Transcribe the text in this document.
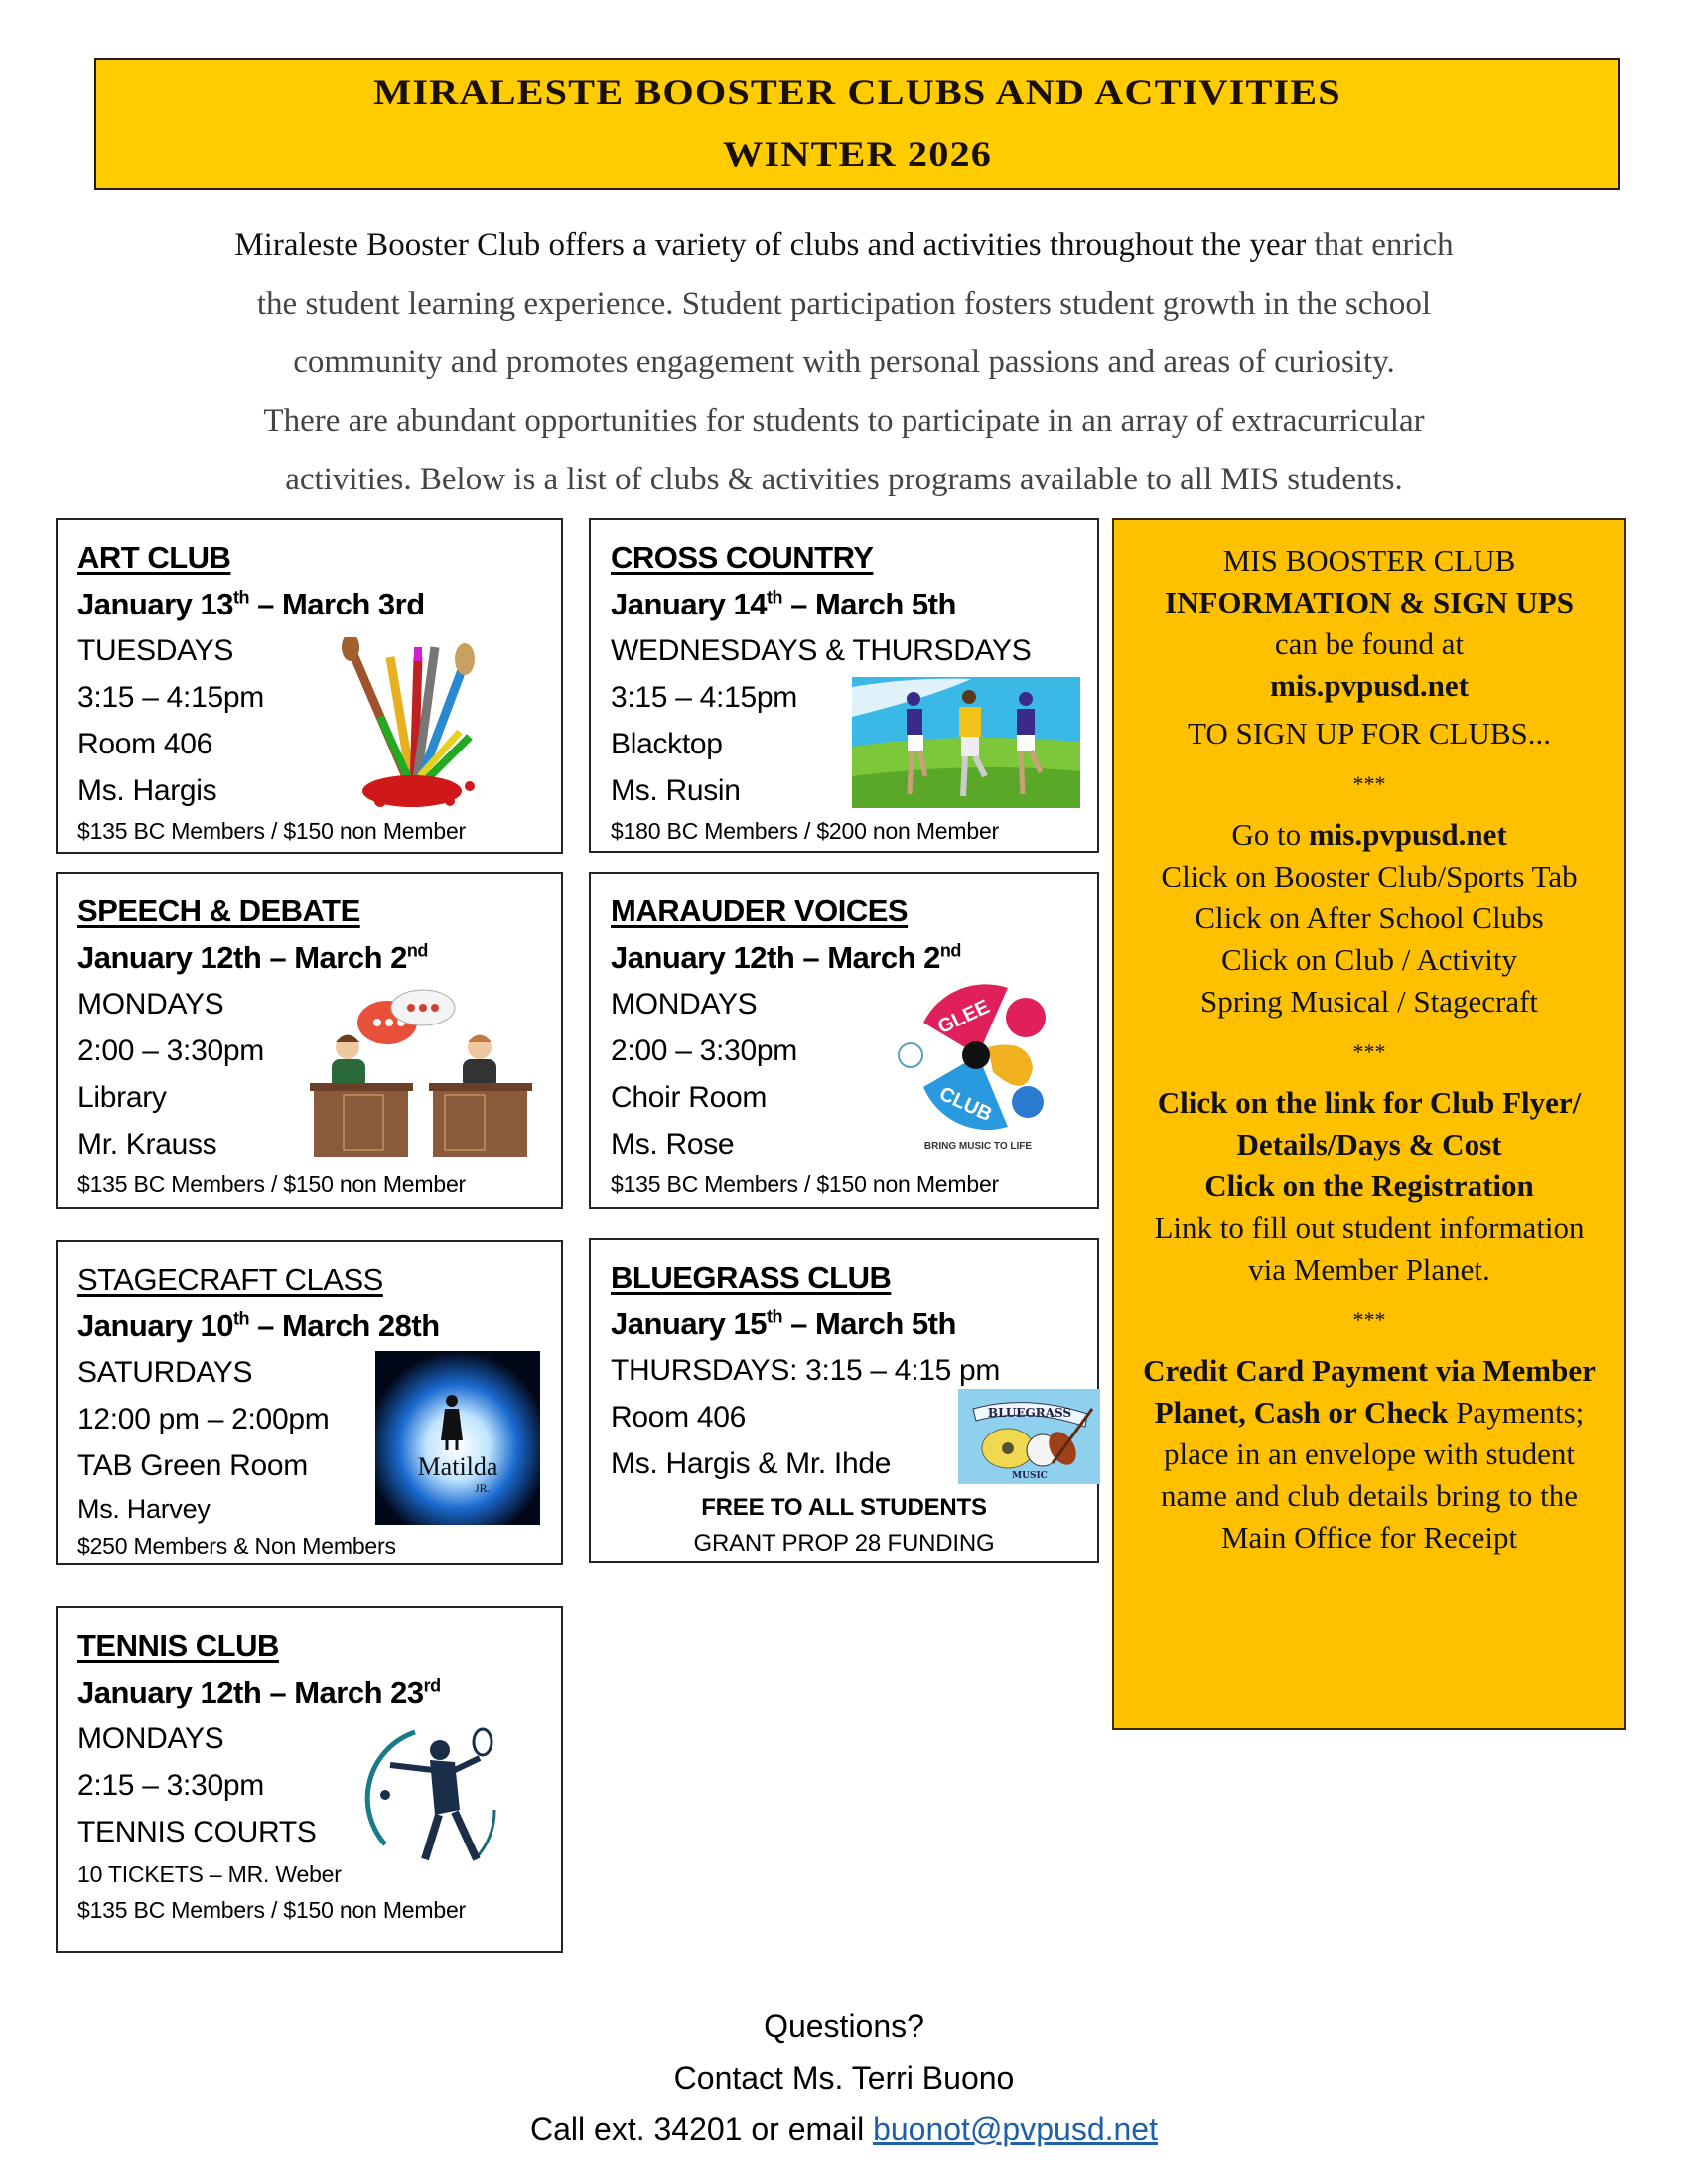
MIRALESTE BOOSTER CLUBS AND ACTIVITIES
WINTER 2026
Miraleste Booster Club offers a variety of clubs and activities throughout the year that enrich
the student learning experience. Student participation fosters student growth in the school
community and promotes engagement with personal passions and areas of curiosity.
There are abundant opportunities for students to participate in an array of extracurricular
activities. Below is a list of clubs & activities programs available to all MIS students.
ART CLUB
January 13th – March 3rd
TUESDAYS
3:15 – 4:15pm
Room 406
Ms. Hargis
$135 BC Members / $150 non Member
CROSS COUNTRY
January 14th – March 5th
WEDNESDAYS & THURSDAYS
3:15 – 4:15pm
Blacktop
Ms. Rusin
$180 BC Members / $200 non Member
SPEECH & DEBATE
January 12th – March 2nd
MONDAYS
2:00 – 3:30pm
Library
Mr. Krauss
$135 BC Members / $150 non Member
MARAUDER VOICES
January 12th – March 2nd
MONDAYS
2:00 – 3:30pm
Choir Room
Ms. Rose
$135 BC Members / $150 non Member
GLEE
CLUB
BRING MUSIC TO LIFE
STAGECRAFT CLASS
January 10th – March 28th
SATURDAYS
12:00 pm – 2:00pm
TAB Green Room
Ms. Harvey
$250 Members & Non Members
Matilda
JR.
BLUEGRASS CLUB
January 15th – March 5th
THURSDAYS: 3:15 – 4:15 pm
Room 406
Ms. Hargis & Mr. Ihde
FREE TO ALL STUDENTS
GRANT PROP 28 FUNDING
BLUEGRASS
MUSIC
TENNIS CLUB
January 12th – March 23rd
MONDAYS
2:15 – 3:30pm
TENNIS COURTS
10 TICKETS – MR. Weber
$135 BC Members / $150 non Member
MIS BOOSTER CLUB
INFORMATION & SIGN UPS
can be found at
mis.pvpusd.net
TO SIGN UP FOR CLUBS...
***
Go to mis.pvpusd.net
Click on Booster Club/Sports Tab
Click on After School Clubs
Click on Club / Activity
Spring Musical / Stagecraft
***
Click on the link for Club Flyer/ Details/Days & Cost
Click on the Registration
Link to fill out student information via Member Planet.
***
Credit Card Payment via Member Planet, Cash or Check Payments; place in an envelope with student name and club details bring to the Main Office for Receipt
Questions?
Contact Ms. Terri Buono
Call ext. 34201 or email buonot@pvpusd.net
